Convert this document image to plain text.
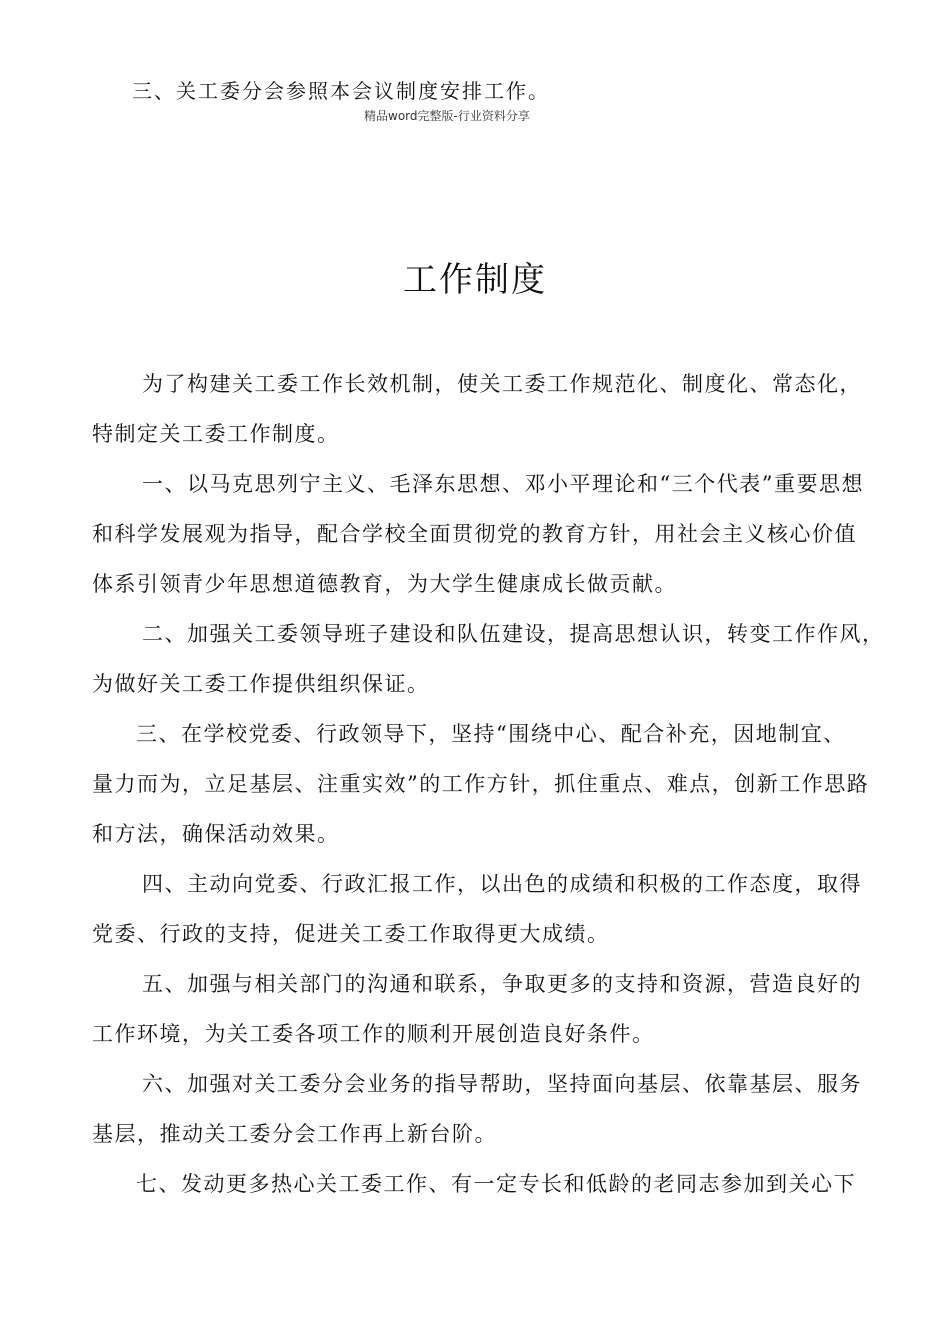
三、关工委分会参照本会议制度安排工作。
精品word完整版-行业资料分享
工作制度
为了构建关工委工作长效机制，使关工委工作规范化、制度化、常态化，
特制定关工委工作制度。
一、以马克思列宁主义、毛泽东思想、邓小平理论和“三个代表”重要思想
和科学发展观为指导，配合学校全面贯彻党的教育方针，用社会主义核心价值
体系引领青少年思想道德教育，为大学生健康成长做贡献。
二、加强关工委领导班子建设和队伍建设，提高思想认识，转变工作作风，
为做好关工委工作提供组织保证。
三、在学校党委、行政领导下，坚持“围绕中心、配合补充，因地制宜、
量力而为，立足基层、注重实效”的工作方针，抓住重点、难点，创新工作思路
和方法，确保活动效果。
四、主动向党委、行政汇报工作，以出色的成绩和积极的工作态度，取得
党委、行政的支持，促进关工委工作取得更大成绩。
五、加强与相关部门的沟通和联系，争取更多的支持和资源，营造良好的
工作环境，为关工委各项工作的顺利开展创造良好条件。
六、加强对关工委分会业务的指导帮助，坚持面向基层、依靠基层、服务
基层，推动关工委分会工作再上新台阶。
七、发动更多热心关工委工作、有一定专长和低龄的老同志参加到关心下
